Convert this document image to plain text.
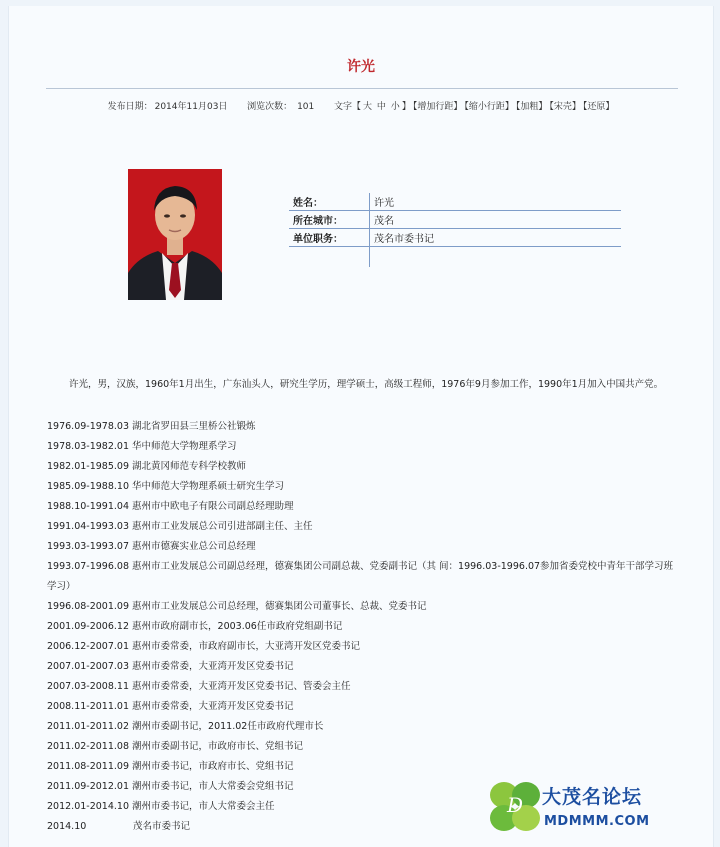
许光
发布日期： 2014年11月03日 浏览次数： 101 文字【 大 中 小 】 【增加行距】 【缩小行距】 【加粗】 【宋壳】 【还原】
姓名：	许光
所在城市：	茂名
单位职务：	茂名市委书记

许光，男，汉族，1960年1月出生，广东汕头人，研究生学历，理学硕士，高级工程师，1976年9月参加工作，1990年1月加入中国共产党。
1976.09-1978.03 湖北省罗田县三里桥公社锻炼
1978.03-1982.01 华中师范大学物理系学习
1982.01-1985.09 湖北黄冈师范专科学校教师
1985.09-1988.10 华中师范大学物理系硕士研究生学习
1988.10-1991.04 惠州市中欧电子有限公司副总经理助理
1991.04-1993.03 惠州市工业发展总公司引进部副主任、主任
1993.03-1993.07 惠州市德赛实业总公司总经理
1993.07-1996.08 惠州市工业发展总公司副总经理，德赛集团公司副总裁、党委副书记（其 间：1996.03-1996.07参加省委党校中青年干部学习班学习）
1996.08-2001.09 惠州市工业发展总公司总经理，德赛集团公司董事长、总裁、党委书记
2001.09-2006.12 惠州市政府副市长，2003.06任市政府党组副书记
2006.12-2007.01 惠州市委常委，市政府副市长，大亚湾开发区党委书记
2007.01-2007.03 惠州市委常委，大亚湾开发区党委书记
2007.03-2008.11 惠州市委常委，大亚湾开发区党委书记、管委会主任
2008.11-2011.01 惠州市委常委，大亚湾开发区党委书记
2011.01-2011.02 潮州市委副书记，2011.02任市政府代理市长
2011.02-2011.08 潮州市委副书记，市政府市长、党组书记
2011.08-2011.09 潮州市委书记，市政府市长、党组书记
2011.09-2012.01 潮州市委书记，市人大常委会党组书记
2012.01-2014.10 潮州市委书记，市人大常委会主任
2014.10	茂名市委书记
D 大茂名论坛
MDMMM.COM
